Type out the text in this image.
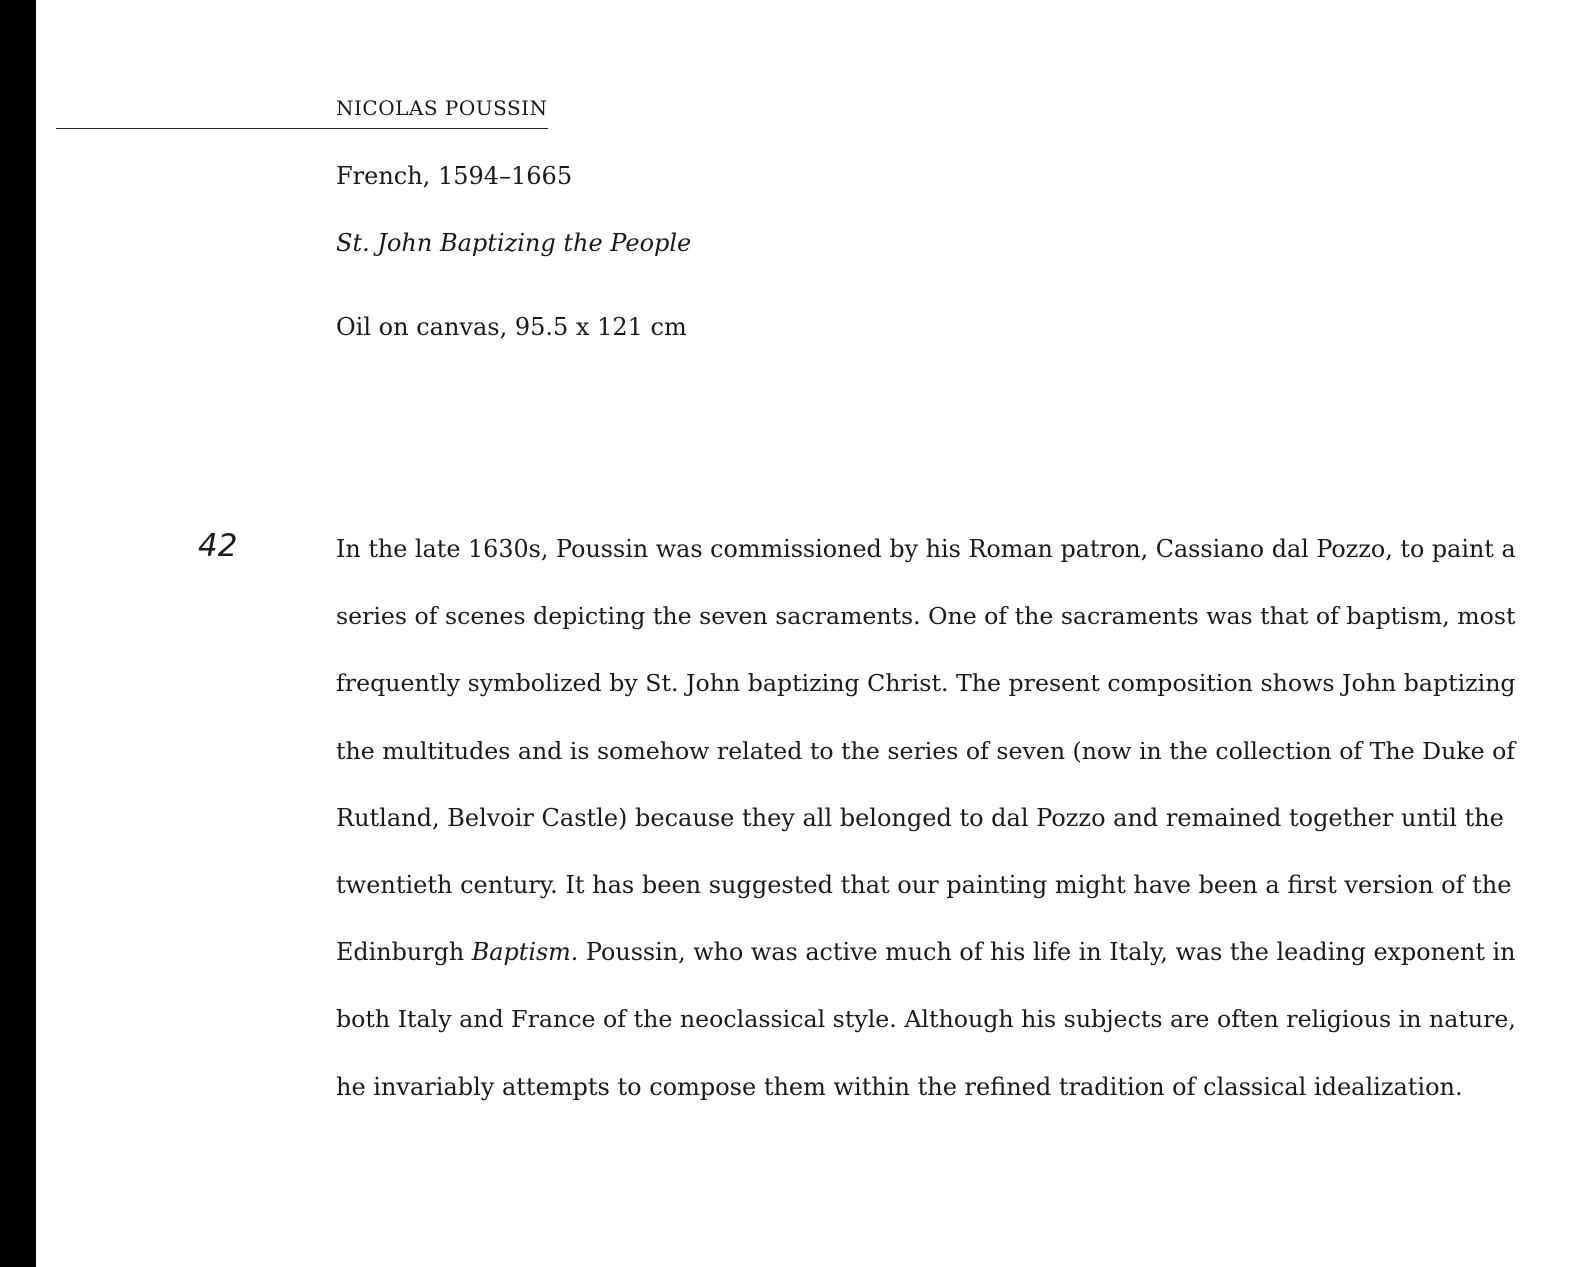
NICOLAS POUSSIN
French, 1594–1665
St. John Baptizing the People
Oil on canvas, 95.5 x 121 cm
42	In the late 1630s, Poussin was commissioned by his Roman patron, Cassiano dal Pozzo, to paint a
series of scenes depicting the seven sacraments. One of the sacraments was that of baptism, most
frequently symbolized by St. John baptizing Christ. The present composition shows John baptizing
the multitudes and is somehow related to the series of seven (now in the collection of The Duke of
Rutland, Belvoir Castle) because they all belonged to dal Pozzo and remained together until the
twentieth century. It has been suggested that our painting might have been a first version of the
Edinburgh Baptism. Poussin, who was active much of his life in Italy, was the leading exponent in
both Italy and France of the neoclassical style. Although his subjects are often religious in nature,
he invariably attempts to compose them within the refined tradition of classical idealization.
